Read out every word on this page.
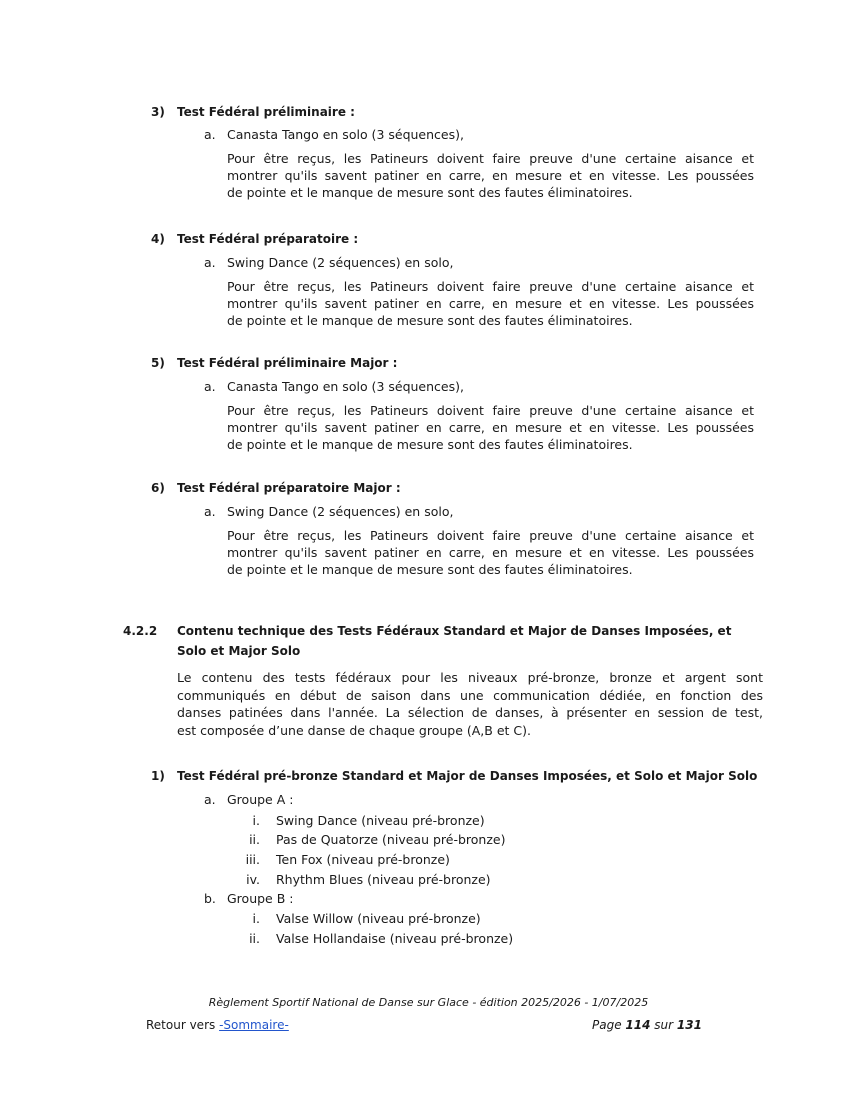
3) Test Fédéral préliminaire :
a. Canasta Tango en solo (3 séquences),
Pour être reçus, les Patineurs doivent faire preuve d'une certaine aisance et
montrer qu'ils savent patiner en carre, en mesure et en vitesse. Les poussées
de pointe et le manque de mesure sont des fautes éliminatoires.
4) Test Fédéral préparatoire :
a. Swing Dance (2 séquences) en solo,
Pour être reçus, les Patineurs doivent faire preuve d'une certaine aisance et
montrer qu'ils savent patiner en carre, en mesure et en vitesse. Les poussées
de pointe et le manque de mesure sont des fautes éliminatoires.
5) Test Fédéral préliminaire Major :
a. Canasta Tango en solo (3 séquences),
Pour être reçus, les Patineurs doivent faire preuve d'une certaine aisance et
montrer qu'ils savent patiner en carre, en mesure et en vitesse. Les poussées
de pointe et le manque de mesure sont des fautes éliminatoires.
6) Test Fédéral préparatoire Major :
a. Swing Dance (2 séquences) en solo,
Pour être reçus, les Patineurs doivent faire preuve d'une certaine aisance et
montrer qu'ils savent patiner en carre, en mesure et en vitesse. Les poussées
de pointe et le manque de mesure sont des fautes éliminatoires.
4.2.2 Contenu technique des Tests Fédéraux Standard et Major de Danses Imposées, et
Solo et Major Solo
Le contenu des tests fédéraux pour les niveaux pré-bronze, bronze et argent sont
communiqués en début de saison dans une communication dédiée, en fonction des
danses patinées dans l'année. La sélection de danses, à présenter en session de test,
est composée d’une danse de chaque groupe (A,B et C).
1) Test Fédéral pré-bronze Standard et Major de Danses Imposées, et Solo et Major Solo
a. Groupe A :
i. Swing Dance (niveau pré-bronze)
ii. Pas de Quatorze (niveau pré-bronze)
iii. Ten Fox (niveau pré-bronze)
iv. Rhythm Blues (niveau pré-bronze)
b. Groupe B :
i. Valse Willow (niveau pré-bronze)
ii. Valse Hollandaise (niveau pré-bronze)
Règlement Sportif National de Danse sur Glace - édition 2025/2026 - 1/07/2025
Retour vers -Sommaire-	Page 114 sur 131
